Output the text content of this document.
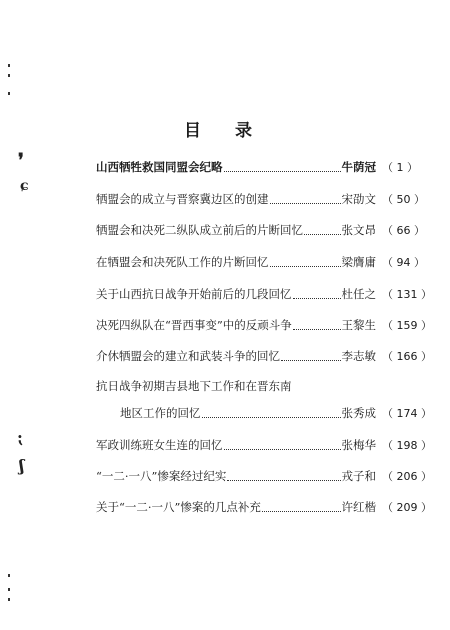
目 录
❜
ɕ
⁏
ʃ
山西牺牲救国同盟会纪略	牛荫冠 （ 1 ）
牺盟会的成立与晋察冀边区的创建	宋劭文 （ 50 ）
牺盟会和决死二纵队成立前后的片断回忆	张文昂 （ 66 ）
在牺盟会和决死队工作的片断回忆	梁膺庸 （ 94 ）
关于山西抗日战争开始前后的几段回忆	杜任之 （ 131 ）
决死四纵队在“晋西事变”中的反顽斗争	王黎生 （ 159 ）
介休牺盟会的建立和武装斗争的回忆	李志敏 （ 166 ）
抗日战争初期吉县地下工作和在晋东南
地区工作的回忆	张秀成 （ 174 ）
军政训练班女生连的回忆	张梅华 （ 198 ）
“一二·一八”惨案经过纪实	戎子和 （ 206 ）
关于“一二·一八”惨案的几点补充	许红楷 （ 209 ）
